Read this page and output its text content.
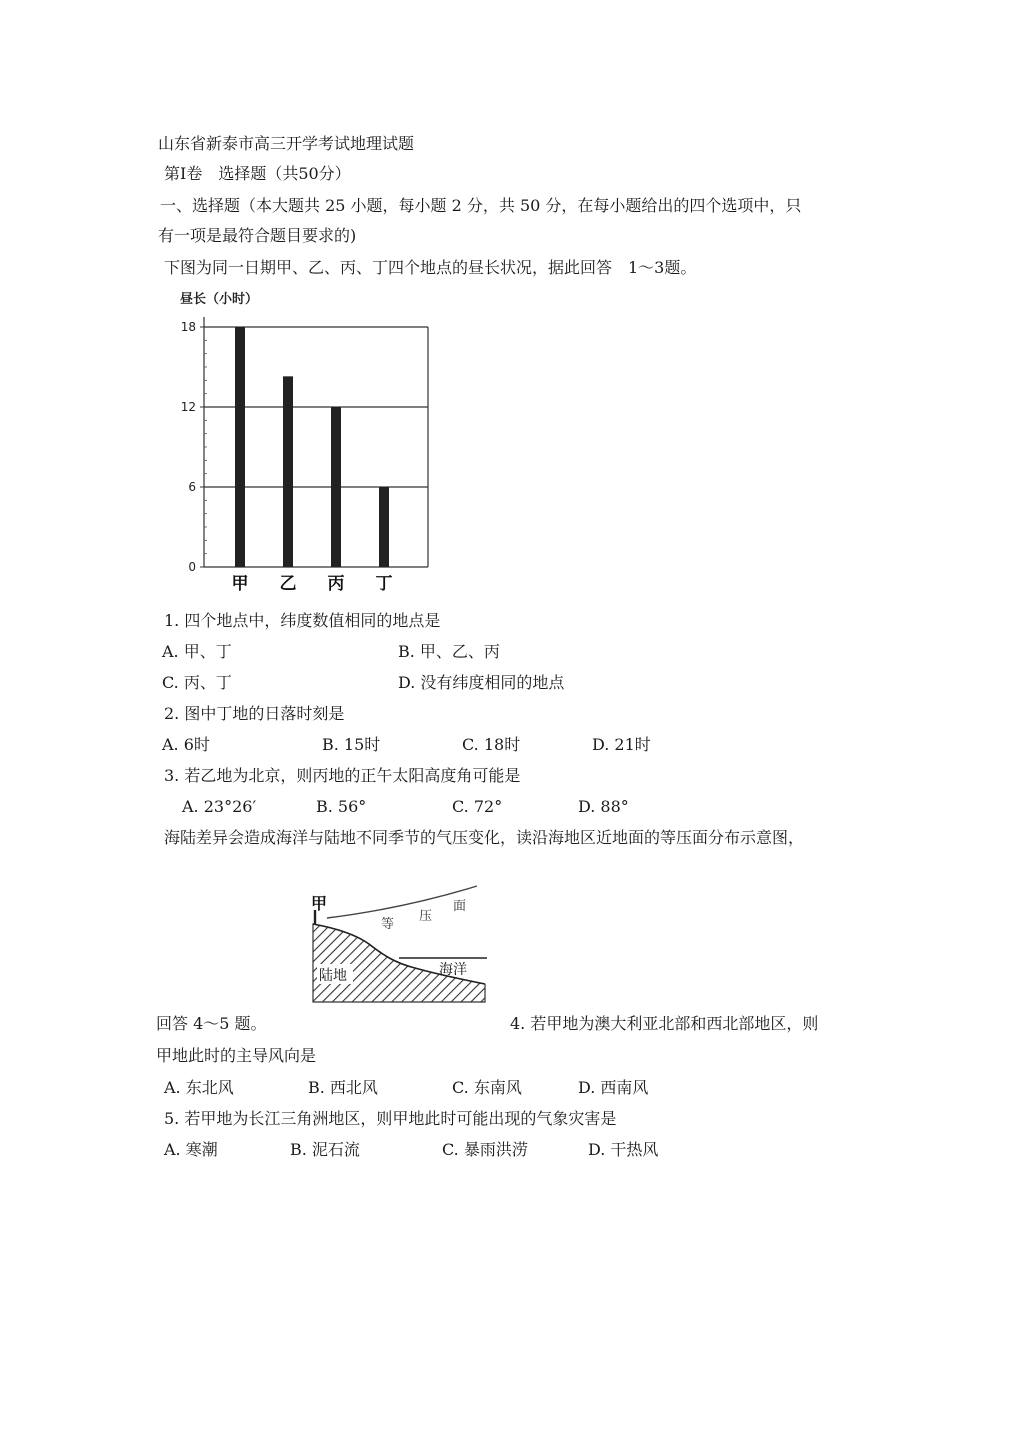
山东省新泰市高三开学考试地理试题
第Ⅰ卷　选择题（共50分）
一、选择题（本大题共 25 小题，每小题 2 分，共 50 分，在每小题给出的四个选项中，只
有一项是最符合题目要求的)
下图为同一日期甲、乙、丙、丁四个地点的昼长状况，据此回答　1～3题。
昼长（小时）
0
6
12
18
甲 乙 丙 丁
1. 四个地点中，纬度数值相同的地点是
A. 甲、丁	B. 甲、乙、丙
C. 丙、丁	D. 没有纬度相同的地点
2. 图中丁地的日落时刻是
A. 6时	B. 15时	C. 18时	D. 21时
3. 若乙地为北京，则丙地的正午太阳高度角可能是
A. 23°26′	B. 56°	C. 72°	D. 88°
海陆差异会造成海洋与陆地不同季节的气压变化，读沿海地区近地面的等压面分布示意图，
甲
等
压
面
陆地	海洋
回答 4～5 题。	4. 若甲地为澳大利亚北部和西北部地区，则
甲地此时的主导风向是
A. 东北风	B. 西北风	C. 东南风	D. 西南风
5. 若甲地为长江三角洲地区，则甲地此时可能出现的气象灾害是
A. 寒潮	B. 泥石流	C. 暴雨洪涝	D. 干热风
